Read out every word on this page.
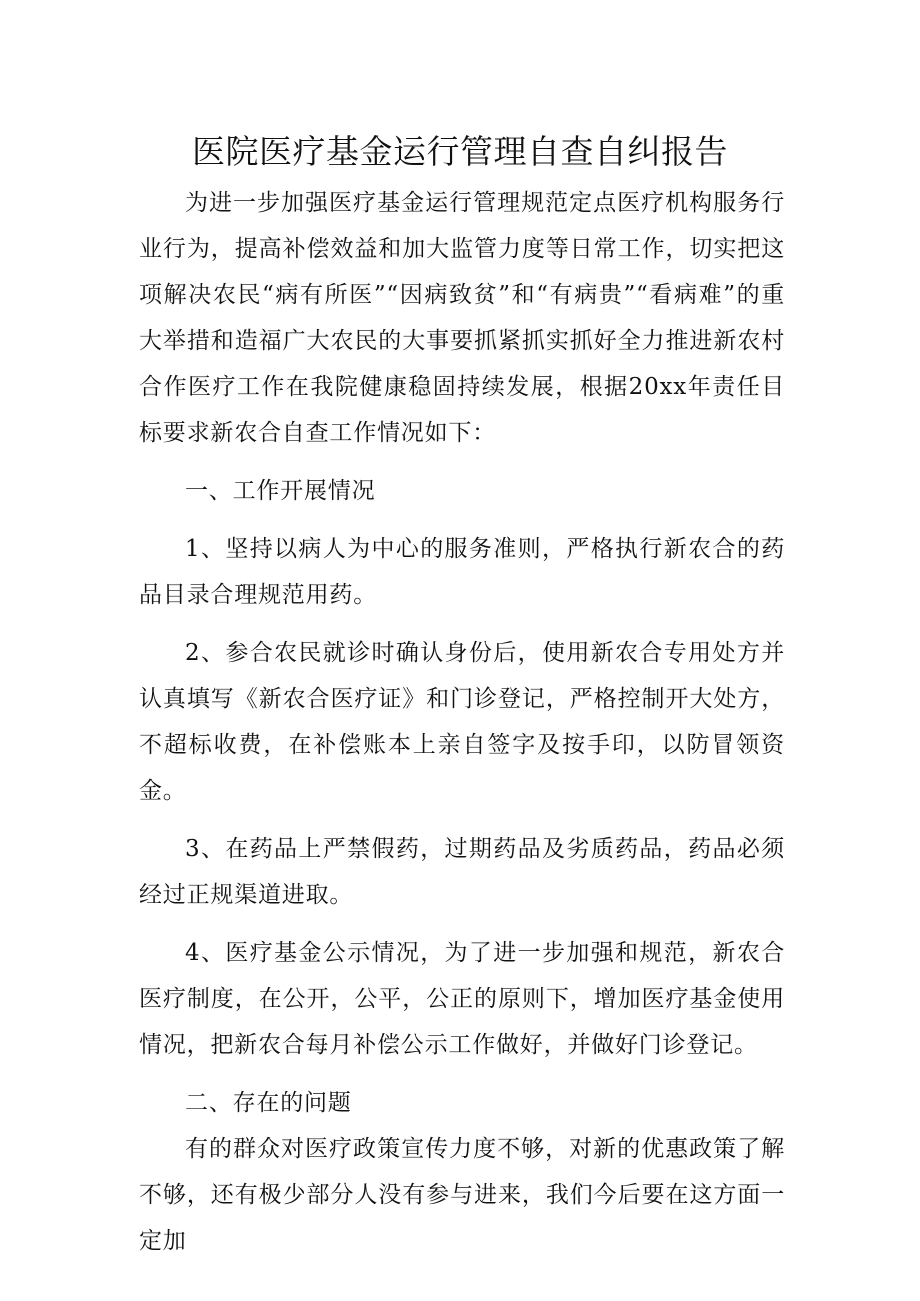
医院医疗基金运行管理自查自纠报告

为进一步加强医疗基金运行管理规范定点医疗机构服务行业行为，提高补偿效益和加大监管力度等日常工作，切实把这项解决农民“病有所医”“因病致贫”和“有病贵”“看病难”的重大举措和造福广大农民的大事要抓紧抓实抓好全力推进新农村合作医疗工作在我院健康稳固持续发展，根据20xx年责任目标要求新农合自查工作情况如下：

一、工作开展情况

1、坚持以病人为中心的服务准则，严格执行新农合的药品目录合理规范用药。

2、参合农民就诊时确认身份后，使用新农合专用处方并认真填写《新农合医疗证》和门诊登记，严格控制开大处方，不超标收费，在补偿账本上亲自签字及按手印，以防冒领资金。

3、在药品上严禁假药，过期药品及劣质药品，药品必须经过正规渠道进取。

4、医疗基金公示情况，为了进一步加强和规范，新农合医疗制度，在公开，公平，公正的原则下，增加医疗基金使用情况，把新农合每月补偿公示工作做好，并做好门诊登记。

二、存在的问题

有的群众对医疗政策宣传力度不够，对新的优惠政策了解不够，还有极少部分人没有参与进来，我们今后要在这方面一定加
